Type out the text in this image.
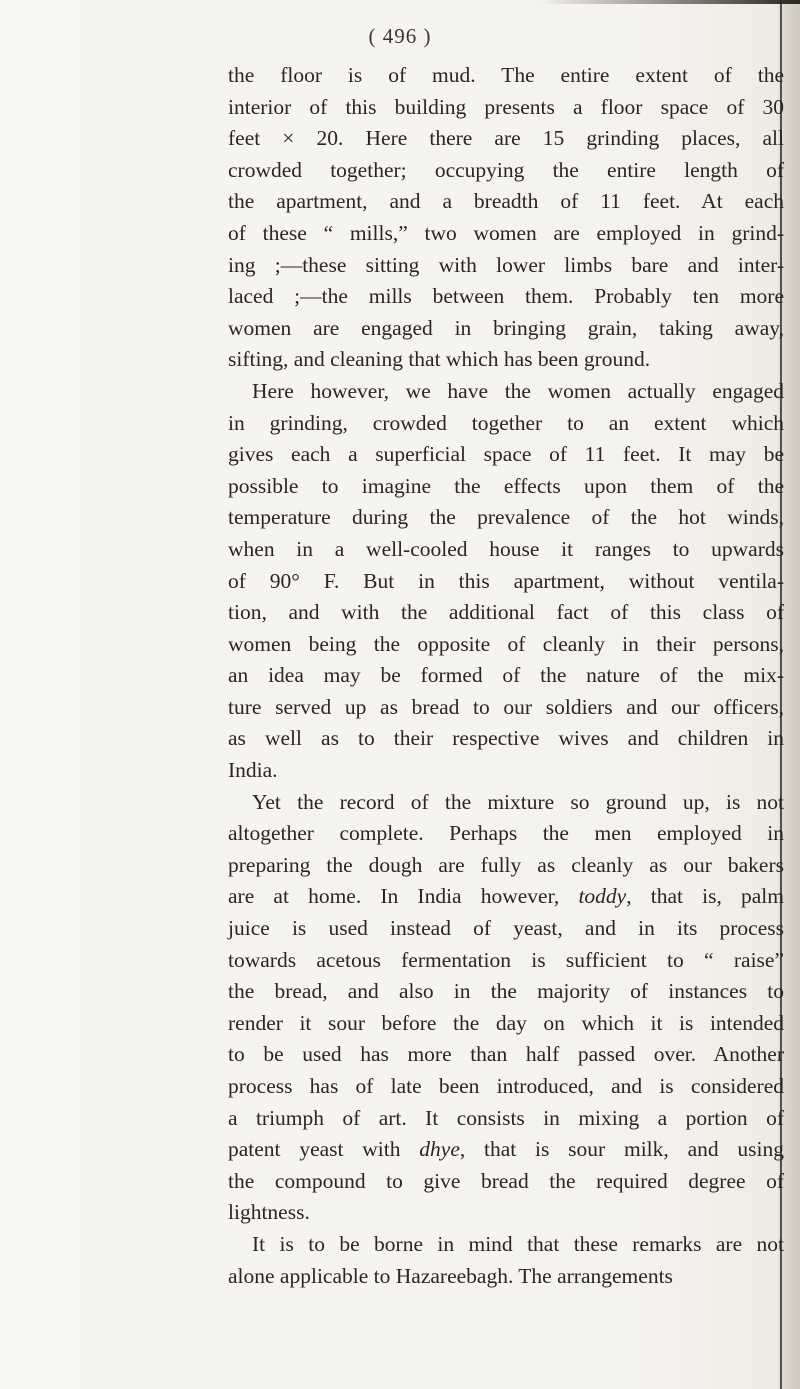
( 496 )

the floor is of mud. The entire extent of the
interior of this building presents a floor space of 30
feet × 20. Here there are 15 grinding places, all
crowded together; occupying the entire length of
the apartment, and a breadth of 11 feet. At each
of these “ mills,” two women are employed in grind-
ing ;—these sitting with lower limbs bare and inter-
laced ;—the mills between them. Probably ten more
women are engaged in bringing grain, taking away,
sifting, and cleaning that which has been ground.

Here however, we have the women actually engaged
in grinding, crowded together to an extent which
gives each a superficial space of 11 feet. It may be
possible to imagine the effects upon them of the
temperature during the prevalence of the hot winds,
when in a well-cooled house it ranges to upwards
of 90° F. But in this apartment, without ventila-
tion, and with the additional fact of this class of
women being the opposite of cleanly in their persons,
an idea may be formed of the nature of the mix-
ture served up as bread to our soldiers and our officers,
as well as to their respective wives and children in
India.

Yet the record of the mixture so ground up, is not
altogether complete. Perhaps the men employed in
preparing the dough are fully as cleanly as our bakers
are at home. In India however, toddy, that is, palm
juice is used instead of yeast, and in its process
towards acetous fermentation is sufficient to “ raise”
the bread, and also in the majority of instances to
render it sour before the day on which it is intended
to be used has more than half passed over. Another
process has of late been introduced, and is considered
a triumph of art. It consists in mixing a portion of
patent yeast with dhye, that is sour milk, and using
the compound to give bread the required degree of
lightness.

It is to be borne in mind that these remarks are not
alone applicable to Hazareebagh. The arrangements
